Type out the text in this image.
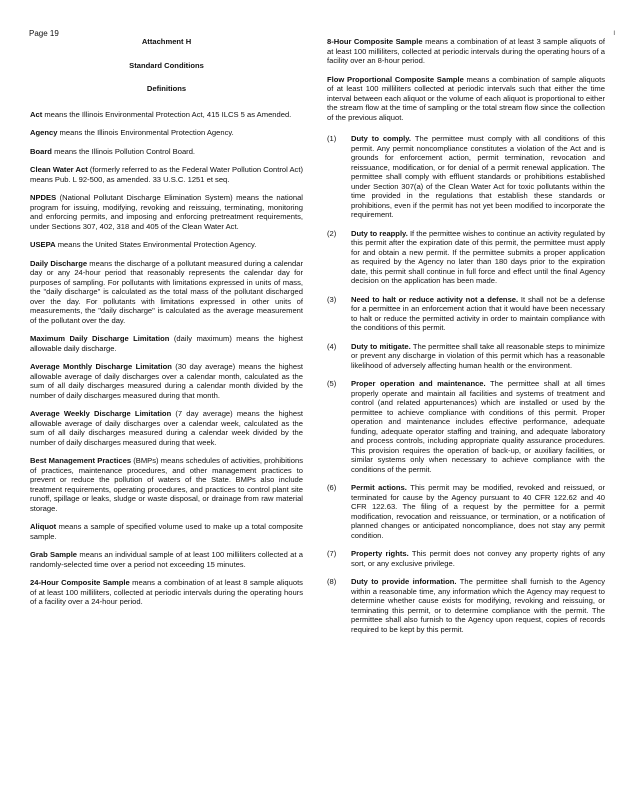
Page 19	I

Attachment H

Standard Conditions

Definitions

Act means the Illinois Environmental Protection Act, 415 ILCS 5 as Amended.

Agency means the Illinois Environmental Protection Agency.

Board means the Illinois Pollution Control Board.

Clean Water Act (formerly referred to as the Federal Water Pollution Control Act) means Pub. L 92-500, as amended. 33 U.S.C. 1251 et seq.

NPDES (National Pollutant Discharge Elimination System) means the national program for issuing, modifying, revoking and reissuing, terminating, monitoring and enforcing permits, and imposing and enforcing pretreatment requirements, under Sections 307, 402, 318 and 405 of the Clean Water Act.

USEPA means the United States Environmental Protection Agency.

Daily Discharge means the discharge of a pollutant measured during a calendar day or any 24-hour period that reasonably represents the calendar day for purposes of sampling. For pollutants with limitations expressed in units of mass, the "daily discharge" is calculated as the total mass of the pollutant discharged over the day. For pollutants with limitations expressed in other units of measurements, the "daily discharge" is calculated as the average measurement of the pollutant over the day.

Maximum Daily Discharge Limitation (daily maximum) means the highest allowable daily discharge.

Average Monthly Discharge Limitation (30 day average) means the highest allowable average of daily discharges over a calendar month, calculated as the sum of all daily discharges measured during a calendar month divided by the number of daily discharges measured during that month.

Average Weekly Discharge Limitation (7 day average) means the highest allowable average of daily discharges over a calendar week, calculated as the sum of all daily discharges measured during a calendar week divided by the number of daily discharges measured during that week.

Best Management Practices (BMPs) means schedules of activities, prohibitions of practices, maintenance procedures, and other management practices to prevent or reduce the pollution of waters of the State. BMPs also include treatment requirements, operating procedures, and practices to control plant site runoff, spillage or leaks, sludge or waste disposal, or drainage from raw material storage.

Aliquot means a sample of specified volume used to make up a total composite sample.

Grab Sample means an individual sample of at least 100 milliliters collected at a randomly-selected time over a period not exceeding 15 minutes.

24-Hour Composite Sample means a combination of at least 8 sample aliquots of at least 100 milliliters, collected at periodic intervals during the operating hours of a facility over a 24-hour period.

8-Hour Composite Sample means a combination of at least 3 sample aliquots of at least 100 milliliters, collected at periodic intervals during the operating hours of a facility over an 8-hour period.

Flow Proportional Composite Sample means a combination of sample aliquots of at least 100 milliliters collected at periodic intervals such that either the time interval between each aliquot or the volume of each aliquot is proportional to either the stream flow at the time of sampling or the total stream flow since the collection of the previous aliquot.

(1)	Duty to comply. The permittee must comply with all conditions of this permit. Any permit noncompliance constitutes a violation of the Act and is grounds for enforcement action, permit termination, revocation and reissuance, modification, or for denial of a permit renewal application. The permittee shall comply with effluent standards or prohibitions established under Section 307(a) of the Clean Water Act for toxic pollutants within the time provided in the regulations that establish these standards or prohibitions, even if the permit has not yet been modified to incorporate the requirement.
(2)	Duty to reapply. If the permittee wishes to continue an activity regulated by this permit after the expiration date of this permit, the permittee must apply for and obtain a new permit. If the permittee submits a proper application as required by the Agency no later than 180 days prior to the expiration date, this permit shall continue in full force and effect until the final Agency decision on the application has been made.
(3)	Need to halt or reduce activity not a defense. It shall not be a defense for a permittee in an enforcement action that it would have been necessary to halt or reduce the permitted activity in order to maintain compliance with the conditions of this permit.
(4)	Duty to mitigate. The permittee shall take all reasonable steps to minimize or prevent any discharge in violation of this permit which has a reasonable likelihood of adversely affecting human health or the environment.
(5)	Proper operation and maintenance. The permittee shall at all times properly operate and maintain all facilities and systems of treatment and control (and related appurtenances) which are installed or used by the permittee to achieve compliance with conditions of this permit. Proper operation and maintenance includes effective performance, adequate funding, adequate operator staffing and training, and adequate laboratory and process controls, including appropriate quality assurance procedures. This provision requires the operation of back-up, or auxiliary facilities, or similar systems only when necessary to achieve compliance with the conditions of the permit.
(6)	Permit actions. This permit may be modified, revoked and reissued, or terminated for cause by the Agency pursuant to 40 CFR 122.62 and 40 CFR 122.63. The filing of a request by the permittee for a permit modification, revocation and reissuance, or termination, or a notification of planned changes or anticipated noncompliance, does not stay any permit condition.
(7)	Property rights. This permit does not convey any property rights of any sort, or any exclusive privilege.
(8)	Duty to provide information. The permittee shall furnish to the Agency within a reasonable time, any information which the Agency may request to determine whether cause exists for modifying, revoking and reissuing, or terminating this permit, or to determine compliance with the permit. The permittee shall also furnish to the Agency upon request, copies of records required to be kept by this permit.
